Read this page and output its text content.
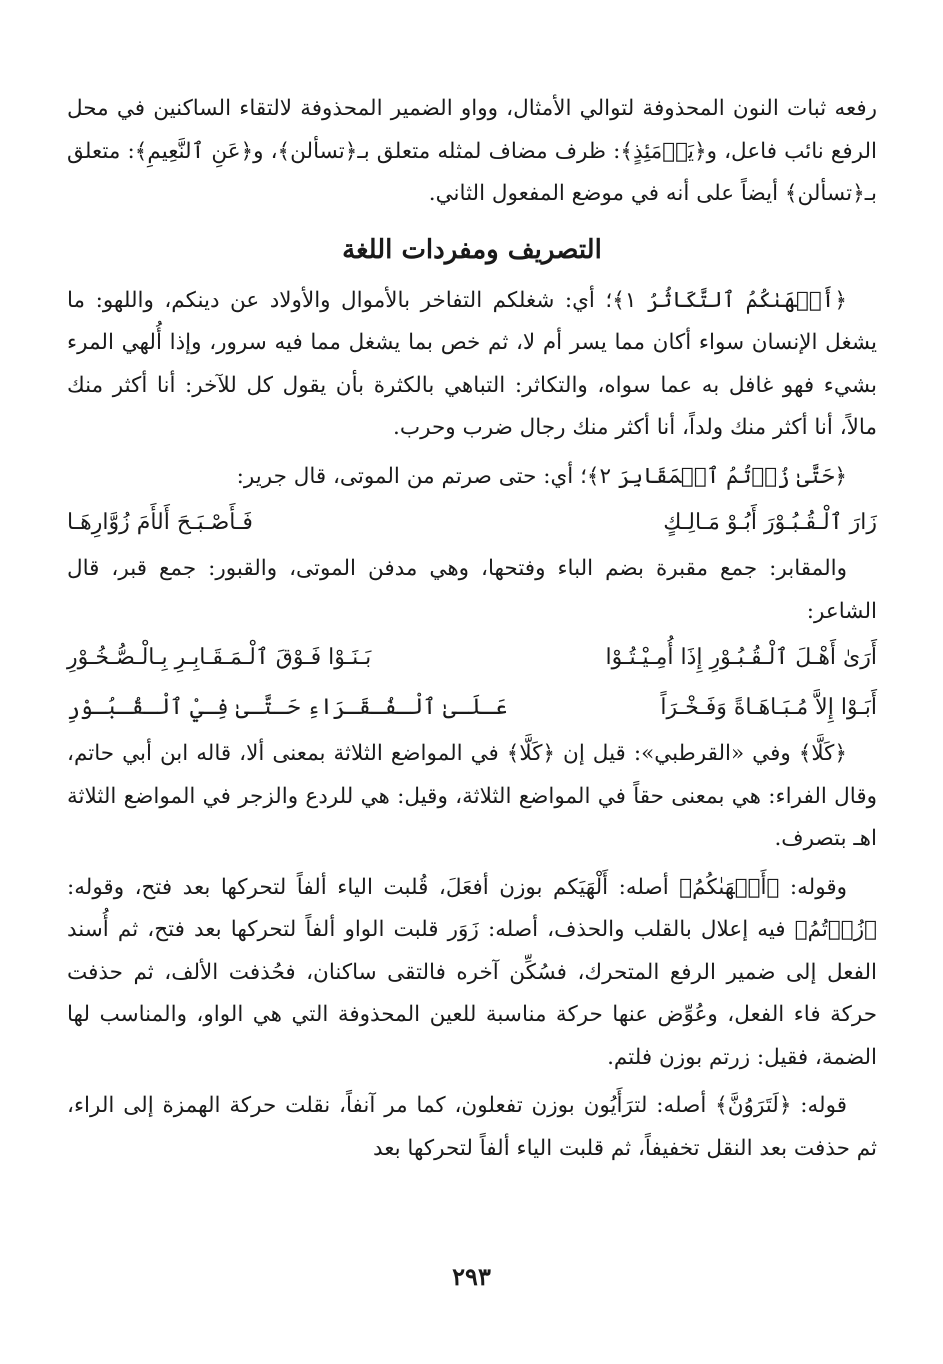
رفعه ثبات النون المحذوفة لتوالي الأمثال، وواو الضمير المحذوفة لالتقاء الساكنين في محل الرفع نائب فاعل، و﴿يَوۡمَئِذٍ﴾: ظرف مضاف لمثله متعلق بـ﴿تسألن﴾، و﴿عَنِ ٱلنَّعِيمِ﴾: متعلق بـ﴿تسألن﴾ أيضاً على أنه في موضع المفعول الثاني.

التصريف ومفردات اللغة

﴿أَلۡهَىٰكُمُ ٱلتَّكَاثُرُ ١﴾؛ أي: شغلكم التفاخر بالأموال والأولاد عن دينكم، واللهو: ما يشغل الإنسان سواء أكان مما يسر أم لا، ثم خص بما يشغل مما فيه سرور، وإذا أُلهي المرء بشيء فهو غافل به عما سواه، والتكاثر: التباهي بالكثرة بأن يقول كل للآخر: أنا أكثر منك مالاً، أنا أكثر منك ولداً، أنا أكثر منك رجال ضرب وحرب.

﴿حَتَّىٰ زُرۡتُمُ ٱلۡمَقَابِرَ ٢﴾؛ أي: حتى صرتم من الموتى، قال جرير:

زَارَ ٱلْـقُـبُـوْرَ أَبُـوْ مَـالِـكٍ
فَـأَصْـبَـحَ أَلأَمَ زُوَّارِهَـا

والمقابر: جمع مقبرة بضم الباء وفتحها، وهي مدفن الموتى، والقبور: جمع قبر، قال الشاعر:

أَرَىٰ أَهْـلَ ٱلْـقُـبُـوْرِ إِذَا أُمِـيْـتُـوْا
بَـنَـوْا فَـوْقَ ٱلْـمَـقَـابِـرِ بِـالْـصُّـخُـوْرِ
أَبَـوْا إِلاَّ مُـبَـاهَـاةً وَفَـخْـرَاً
عَـلَـىٰ ٱلْـفُـقَـرَاءِ حَـتَّـىٰ فِـيْ ٱلْـقُـبُـوْرِ

﴿كَلَّا﴾ وفي «القرطبي»: قيل إن ﴿كَلَّا﴾ في المواضع الثلاثة بمعنى ألا، قاله ابن أبي حاتم، وقال الفراء: هي بمعنى حقاً في المواضع الثلاثة، وقيل: هي للردع والزجر في المواضع الثلاثة اهـ بتصرف.

وقوله: ﴿أَلۡهَىٰكُمُ﴾ أصله: أَلْهَيَكم بوزن أفعَلَ، قُلبت الياء ألفاً لتحركها بعد فتح، وقوله: ﴿زُرۡتُمُ﴾ فيه إعلال بالقلب والحذف، أصله: زَوَر قلبت الواو ألفاً لتحركها بعد فتح، ثم أُسند الفعل إلى ضمير الرفع المتحرك، فسُكِّن آخره فالتقى ساكنان، فحُذفت الألف، ثم حذفت حركة فاء الفعل، وعُوِّض عنها حركة مناسبة للعين المحذوفة التي هي الواو، والمناسب لها الضمة، فقيل: زرتم بوزن فلتم.

قوله: ﴿لَتَرَوُنَّ﴾ أصله: لترَأَيُون بوزن تفعلون، كما مر آنفاً، نقلت حركة الهمزة إلى الراء، ثم حذفت بعد النقل تخفيفاً، ثم قلبت الياء ألفاً لتحركها بعد

٢٩٣
